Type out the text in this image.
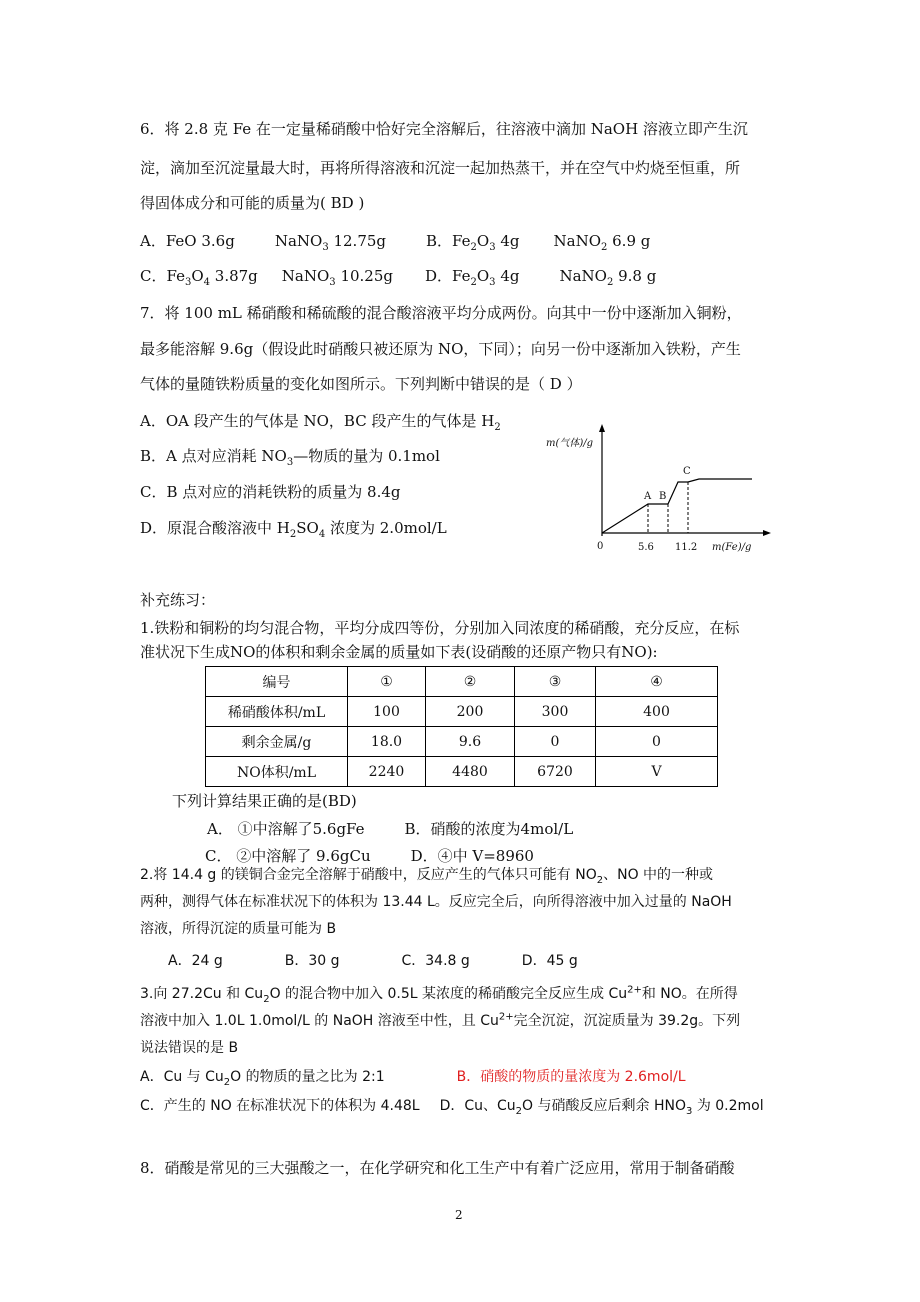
6．将 2.8 克 Fe 在一定量稀硝酸中恰好完全溶解后，往溶液中滴加 NaOH 溶液立即产生沉
淀，滴加至沉淀量最大时，再将所得溶液和沉淀一起加热蒸干，并在空气中灼烧至恒重，所
得固体成分和可能的质量为( BD )
A．FeO 3.6g	NaNO$_3$ 12.75g	B．$Fe_2O_3$ 4g NaNO$_2$ 6.9 g
C．$Fe_3O_4$ 3.87g NaNO$_3$ 10.25g D．$Fe_2O_3$ 4g	NaNO$_2$ 9.8 g
7．将 100 mL 稀硝酸和稀硫酸的混合酸溶液平均分成两份。向其中一份中逐渐加入铜粉，
最多能溶解 9.6g（假设此时硝酸只被还原为 NO，下同）；向另一份中逐渐加入铁粉，产生
气体的量随铁粉质量的变化如图所示。下列判断中错误的是（ D ）
A．OA 段产生的气体是 NO，BC 段产生的气体是 $H_2$
B．A 点对应消耗 $NO_3—$物质的量为 0.1mol
C．B 点对应的消耗铁粉的质量为 8.4g
D．原混合酸溶液中 $H_2SO_4$ 浓度为 2.0mol/L
m(气体)/g
m(Fe)/g
0	5.6 11.2
A B
C
补充练习：
1.铁粉和铜粉的均匀混合物，平均分成四等份，分别加入同浓度的稀硝酸，充分反应，在标
准状况下生成NO的体积和剩余金属的质量如下表(设硝酸的还原产物只有NO):
编号	①	②	③	④
稀硝酸体积/mL	100	200	300	400
剩余金属/g	18.0	9.6	0	0
NO体积/mL	2240	4480	6720	V
下列计算结果正确的是(BD)
A． ①中溶解了5.6gFe	B．硝酸的浓度为4mol/L
C． ②中溶解了 9.6gCu	D．④中 V=8960
2.将 14.4 g 的镁铜合金完全溶解于硝酸中，反应产生的气体只可能有 $NO_2$、NO 中的一种或
两种，测得气体在标准状况下的体积为 13.44 L。反应完全后，向所得溶液中加入过量的 NaOH
溶液，所得沉淀的质量可能为 B
A．24 g	B．30 g	C．34.8 g	D．45 g
3.向 27.2Cu 和 $Cu_2O$ 的混合物中加入 0.5L 某浓度的稀硝酸完全反应生成 $Cu^{2+}$和 NO。在所得
溶液中加入 1.0L 1.0mol/L 的 NaOH 溶液至中性，且 $Cu^{2+}$完全沉淀，沉淀质量为 39.2g。下列
说法错误的是 B
A．Cu 与 $Cu_2O$ 的物质的量之比为 2:1	B．硝酸的物质的量浓度为 2.6mol/L
C．产生的 NO 在标准状况下的体积为 4.48L D．Cu、$Cu_2O$ 与硝酸反应后剩余 $HNO_3$ 为 0.2mol
8．硝酸是常见的三大强酸之一，在化学研究和化工生产中有着广泛应用，常用于制备硝酸
2
